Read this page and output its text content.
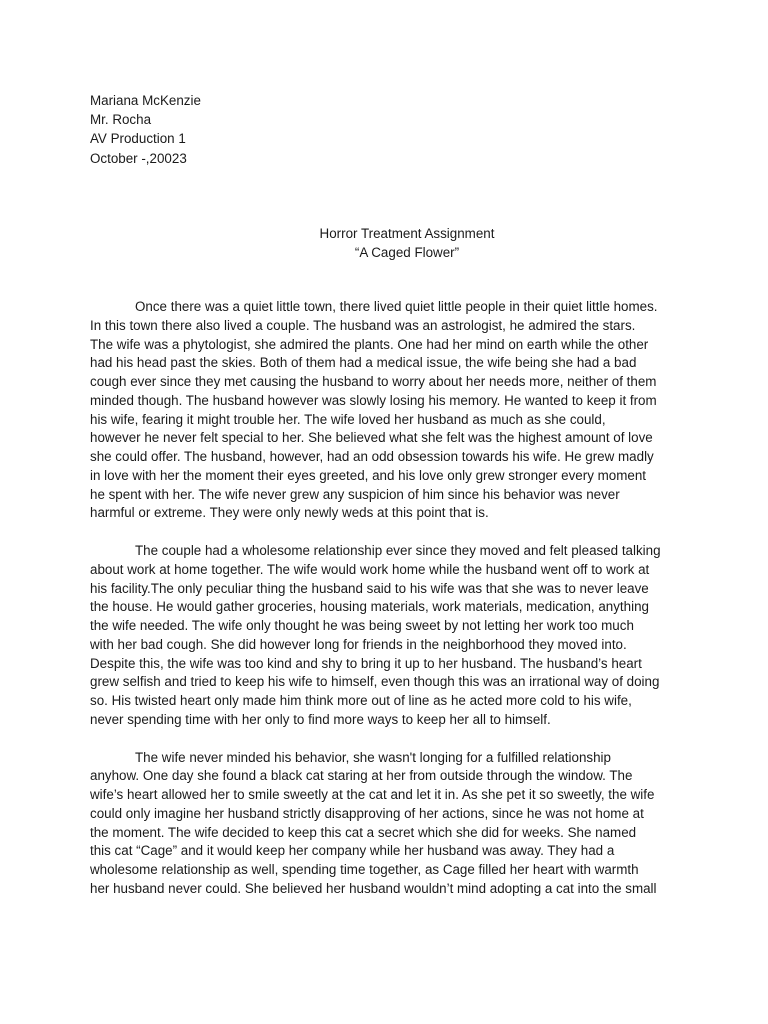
Mariana McKenzie
Mr. Rocha
AV Production 1
October -,20023
Horror Treatment Assignment
“A Caged Flower”
Once there was a quiet little town, there lived quiet little people in their quiet little homes.
In this town there also lived a couple. The husband was an astrologist, he admired the stars.
The wife was a phytologist, she admired the plants. One had her mind on earth while the other
had his head past the skies. Both of them had a medical issue, the wife being she had a bad
cough ever since they met causing the husband to worry about her needs more, neither of them
minded though. The husband however was slowly losing his memory. He wanted to keep it from
his wife, fearing it might trouble her. The wife loved her husband as much as she could,
however he never felt special to her. She believed what she felt was the highest amount of love
she could offer. The husband, however, had an odd obsession towards his wife. He grew madly
in love with her the moment their eyes greeted, and his love only grew stronger every moment
he spent with her. The wife never grew any suspicion of him since his behavior was never
harmful or extreme. They were only newly weds at this point that is.
The couple had a wholesome relationship ever since they moved and felt pleased talking
about work at home together. The wife would work home while the husband went off to work at
his facility.The only peculiar thing the husband said to his wife was that she was to never leave
the house. He would gather groceries, housing materials, work materials, medication, anything
the wife needed. The wife only thought he was being sweet by not letting her work too much
with her bad cough. She did however long for friends in the neighborhood they moved into.
Despite this, the wife was too kind and shy to bring it up to her husband. The husband’s heart
grew selfish and tried to keep his wife to himself, even though this was an irrational way of doing
so. His twisted heart only made him think more out of line as he acted more cold to his wife,
never spending time with her only to find more ways to keep her all to himself.
The wife never minded his behavior, she wasn't longing for a fulfilled relationship
anyhow. One day she found a black cat staring at her from outside through the window. The
wife’s heart allowed her to smile sweetly at the cat and let it in. As she pet it so sweetly, the wife
could only imagine her husband strictly disapproving of her actions, since he was not home at
the moment. The wife decided to keep this cat a secret which she did for weeks. She named
this cat “Cage” and it would keep her company while her husband was away. They had a
wholesome relationship as well, spending time together, as Cage filled her heart with warmth
her husband never could. She believed her husband wouldn’t mind adopting a cat into the small
